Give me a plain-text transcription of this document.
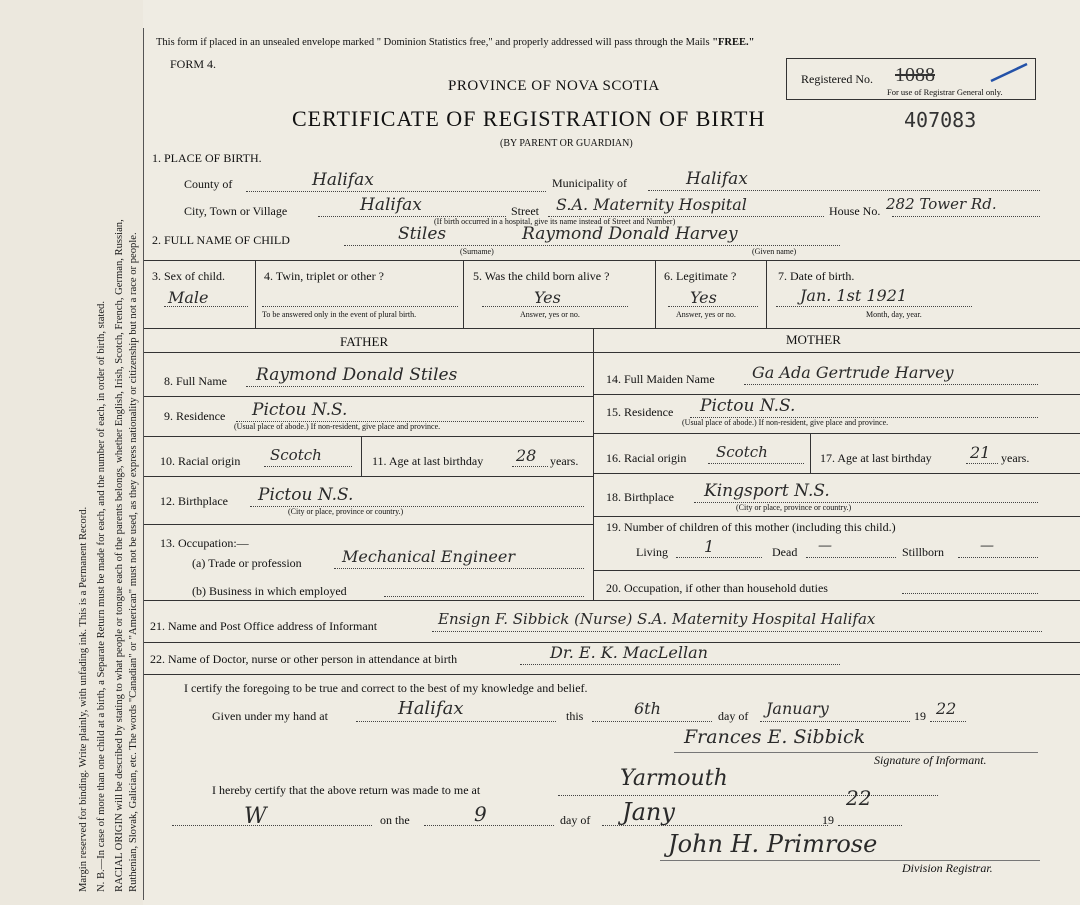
Margin reserved for binding. Write plainly, with unfading ink. This is a Permanent Record. N. B.—In case of more than one child at a birth, a Separate Return must be made for each, and the number of each, in order of birth, stated. RACIAL ORIGIN will be described by stating to what people or tongue each of the parents belongs, whether English, Irish, Scotch, French, German, Russian, Ruthenian, Slovak, Galician, etc. The words "Canadian" or "American" must not be used, as they express nationality or citizenship but not a race or people.
This form if placed in an unsealed envelope marked " Dominion Statistics free," and properly addressed will pass through the Mails "FREE."
FORM 4.
PROVINCE OF NOVA SCOTIA	Registered No. 1088
For use of Registrar General only.
CERTIFICATE OF REGISTRATION OF BIRTH	407083
(BY PARENT OR GUARDIAN)
1. PLACE OF BIRTH.
County of	Halifax	Municipality of	Halifax
City, Town or Village	Halifax	Street S.A. Maternity Hospital
(If birth occurred in a hospital, give its name instead of Street and Number)
House No. 282 Tower Rd.
2. FULL NAME OF CHILD	Stiles	Raymond Donald Harvey
(Surname)	(Given name)
3. Sex of child.
Male
4. Twin, triplet or other ?
To be answered only in the event of plural birth.
5. Was the child born alive ?
Yes
Answer, yes or no.
6. Legitimate ?
Yes
Answer, yes or no.
7. Date of birth.
Jan. 1st 1921
Month, day, year.
FATHER	MOTHER
8. Full Name Raymond Donald Stiles
9. Residence Pictou N.S.
(Usual place of abode.) If non-resident, give place and province.
10. Racial origin Scotch	11. Age at last birthday 28 years.
12. Birthplace Pictou N.S.
(City or place, province or country.)
13. Occupation:—
(a) Trade or profession	Mechanical Engineer
(b) Business in which employed
14. Full Maiden Name Ga Ada Gertrude Harvey
15. Residence Pictou N.S.
(Usual place of abode.) If non-resident, give place and province.
16. Racial origin Scotch	17. Age at last birthday 21 years.
18. Birthplace Kingsport N.S.
(City or place, province or country.)
19. Number of children of this mother (including this child.)
Living 1	Dead —	Stillborn	—
20. Occupation, if other than household duties
21. Name and Post Office address of Informant	Ensign F. Sibbick (Nurse) S.A. Maternity Hospital Halifax
22. Name of Doctor, nurse or other person in attendance at birth	Dr. E. K. MacLellan
I certify the foregoing to be true and correct to the best of my knowledge and belief.
Given under my hand at	Halifax	this	6th	day of January	19 22
Frances E. Sibbick
Signature of Informant.
I hereby certify that the above return was made to me at	Yarmouth
W	on the	9	day of Jany	19
22
John H. Primrose
Division Registrar.
